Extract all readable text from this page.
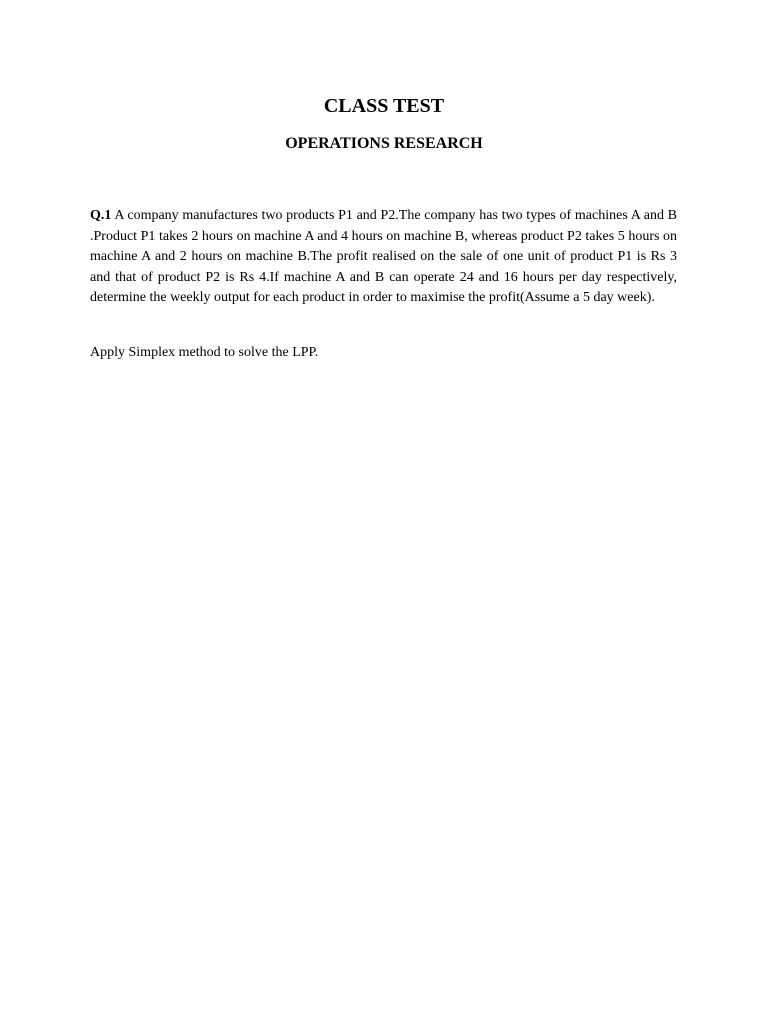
CLASS TEST
OPERATIONS RESEARCH

Q.1 A company manufactures two products P1 and P2.The company has two types of machines A and B .Product P1 takes 2 hours on machine A and 4 hours on machine B, whereas product P2 takes 5 hours on machine A and 2 hours on machine B.The profit realised on the sale of one unit of product P1 is Rs 3 and that of product P2 is Rs 4.If machine A and B can operate 24 and 16 hours per day respectively, determine the weekly output for each product in order to maximise the profit(Assume a 5 day week).

Apply Simplex method to solve the LPP.
